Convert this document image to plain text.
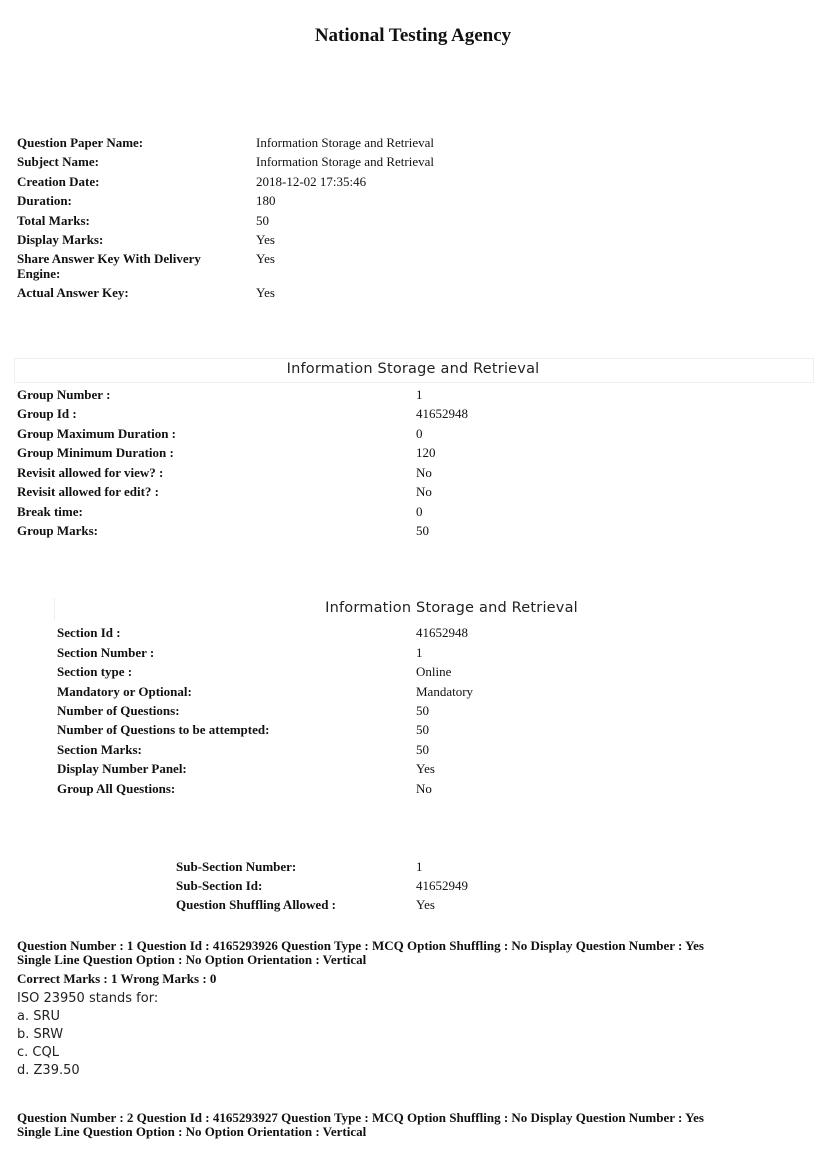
National Testing Agency
Question Paper Name:	Information Storage and Retrieval
Subject Name:	Information Storage and Retrieval
Creation Date:	2018-12-02 17:35:46
Duration:	180
Total Marks:	50
Display Marks:	Yes
Share Answer Key With Delivery Engine:
Yes
Actual Answer Key:	Yes
Information Storage and Retrieval
Group Number :	1
Group Id :	41652948
Group Maximum Duration :	0
Group Minimum Duration :	120
Revisit allowed for view? :	No
Revisit allowed for edit? :	No
Break time:	0
Group Marks:	50
Information Storage and Retrieval
Section Id :	41652948
Section Number :	1
Section type :	Online
Mandatory or Optional:	Mandatory
Number of Questions:	50
Number of Questions to be attempted:	50
Section Marks:	50
Display Number Panel:	Yes
Group All Questions:	No
Sub-Section Number:	1
Sub-Section Id:	41652949
Question Shuffling Allowed :	Yes
Question Number : 1 Question Id : 4165293926 Question Type : MCQ Option Shuffling : No Display Question Number : Yes
Single Line Question Option : No Option Orientation : Vertical
Correct Marks : 1 Wrong Marks : 0
ISO 23950 stands for:
a. SRU
b. SRW
c. CQL
d. Z39.50
Question Number : 2 Question Id : 4165293927 Question Type : MCQ Option Shuffling : No Display Question Number : Yes
Single Line Question Option : No Option Orientation : Vertical
